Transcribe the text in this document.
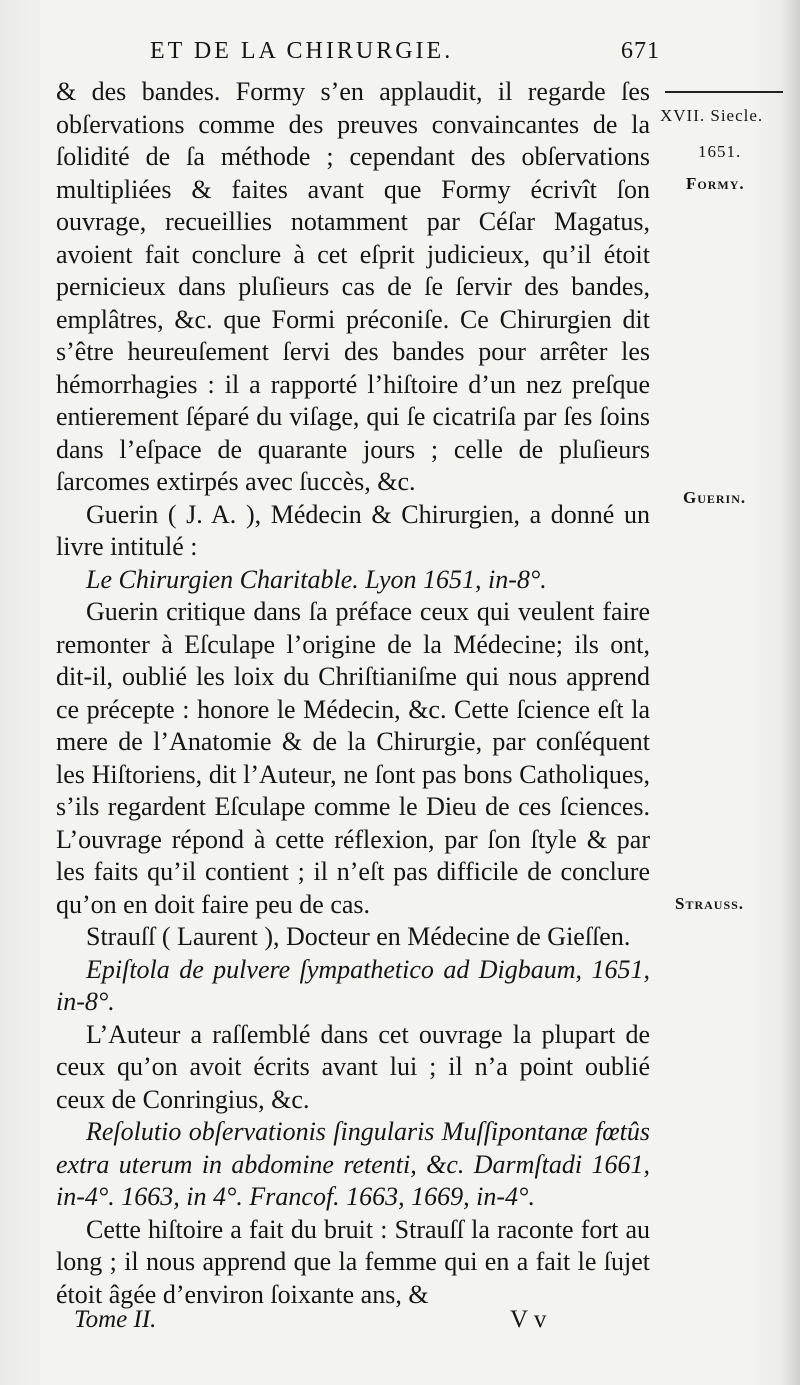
ET DE LA CHIRURGIE.	671
XVII. Siecle.
1651.
Formy.
Guerin.
Strauss.

& des bandes. Formy s’en applaudit, il regarde ſes obſervations comme des preuves convaincantes de la ſolidité de ſa méthode ; cependant des obſervations multipliées & faites avant que Formy écrivît ſon ouvrage, recueillies notamment par Céſar Magatus, avoient fait conclure à cet eſprit judicieux, qu’il étoit pernicieux dans pluſieurs cas de ſe ſervir des bandes, emplâtres, &c. que Formi préconiſe. Ce Chirurgien dit s’être heureuſement ſervi des bandes pour arrêter les hémorrhagies : il a rapporté l’hiſtoire d’un nez preſque entierement ſéparé du viſage, qui ſe cicatriſa par ſes ſoins dans l’eſpace de quarante jours ; celle de pluſieurs ſarcomes extirpés avec ſuccès, &c.

Guerin ( J. A. ), Médecin & Chirurgien, a donné un livre intitulé :

Le Chirurgien Charitable. Lyon 1651, in-8°.

Guerin critique dans ſa préface ceux qui veulent faire remonter à Eſculape l’origine de la Médecine; ils ont, dit-il, oublié les loix du Chriſtianiſme qui nous apprend ce précepte : honore le Médecin, &c. Cette ſcience eſt la mere de l’Anatomie & de la Chirurgie, par conſéquent les Hiſtoriens, dit l’Auteur, ne ſont pas bons Catholiques, s’ils regardent Eſculape comme le Dieu de ces ſciences. L’ouvrage répond à cette réflexion, par ſon ſtyle & par les faits qu’il contient ; il n’eſt pas difficile de conclure qu’on en doit faire peu de cas.

Strauſſ ( Laurent ), Docteur en Médecine de Gieſſen.

Epiſtola de pulvere ſympathetico ad Digbaum, 1651, in-8°.

L’Auteur a raſſemblé dans cet ouvrage la plupart de ceux qu’on avoit écrits avant lui ; il n’a point oublié ceux de Conringius, &c.

Reſolutio obſervationis ſingularis Muſſipontanæ fœtûs extra uterum in abdomine retenti, &c. Darmſtadi 1661, in-4°. 1663, in 4°. Francof. 1663, 1669, in-4°.

Cette hiſtoire a fait du bruit : Strauſſ la raconte fort au long ; il nous apprend que la femme qui en a fait le ſujet étoit âgée d’environ ſoixante ans, &

Tome II.	V v
